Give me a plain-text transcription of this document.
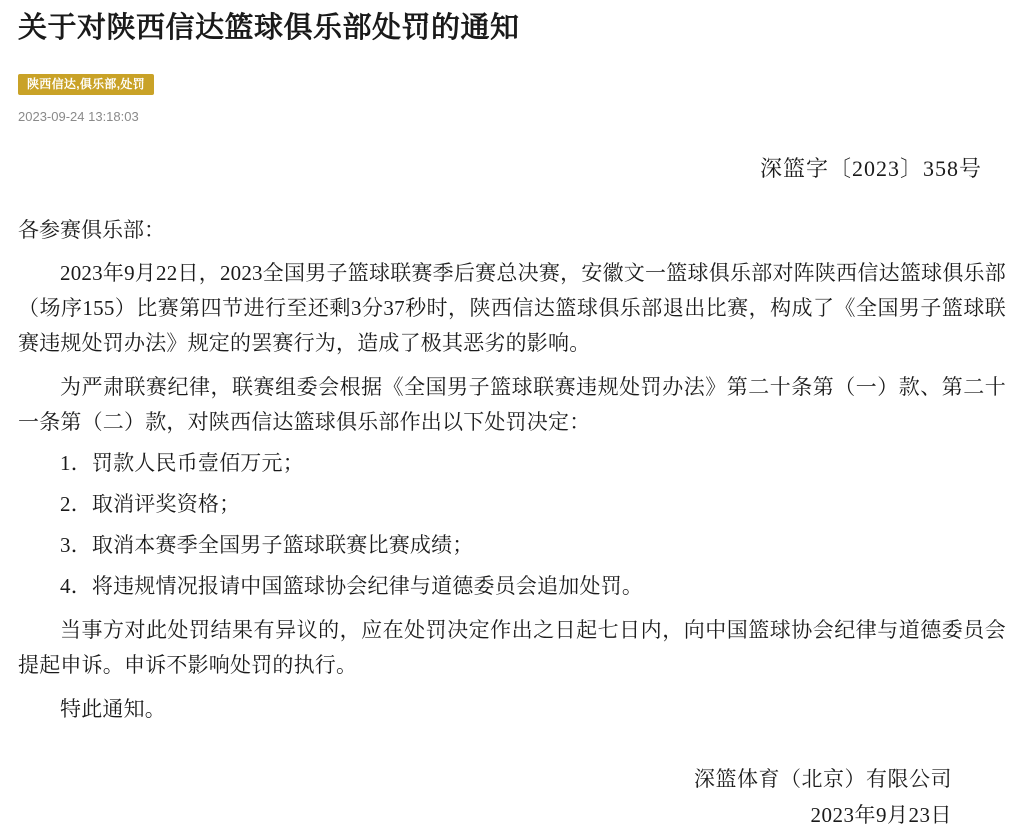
关于对陕西信达篮球俱乐部处罚的通知
陕西信达,俱乐部,处罚
2023-09-24 13:18:03
深篮字〔2023〕358号
各参赛俱乐部：

2023年9月22日，2023全国男子篮球联赛季后赛总决赛，安徽文一篮球俱乐部对阵陕西信达篮球俱乐部（场序155）比赛第四节进行至还剩3分37秒时，陕西信达篮球俱乐部退出比赛，构成了《全国男子篮球联赛违规处罚办法》规定的罢赛行为，造成了极其恶劣的影响。

为严肃联赛纪律，联赛组委会根据《全国男子篮球联赛违规处罚办法》第二十条第（一）款、第二十一条第（二）款，对陕西信达篮球俱乐部作出以下处罚决定：

1．罚款人民币壹佰万元；

2．取消评奖资格；

3．取消本赛季全国男子篮球联赛比赛成绩；

4．将违规情况报请中国篮球协会纪律与道德委员会追加处罚。

当事方对此处罚结果有异议的，应在处罚决定作出之日起七日内，向中国篮球协会纪律与道德委员会提起申诉。申诉不影响处罚的执行。

特此通知。

深篮体育（北京）有限公司
2023年9月23日
